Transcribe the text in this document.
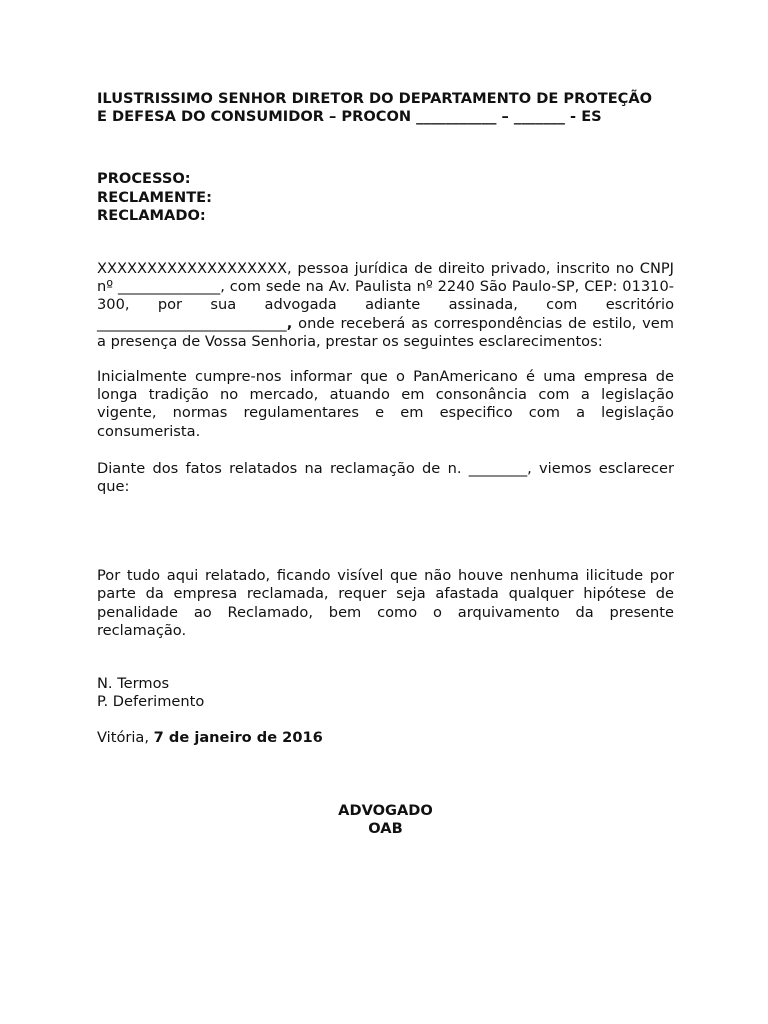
ILUSTRISSIMO SENHOR DIRETOR DO DEPARTAMENTO DE PROTEÇÃO
E DEFESA DO CONSUMIDOR – PROCON ___________ – _______ - ES
PROCESSO:
RECLAMENTE:
RECLAMADO:

XXXXXXXXXXXXXXXXXXX, pessoa jurídica de direito privado, inscrito no CNPJ nº ______________, com sede na Av. Paulista nº 2240 São Paulo-SP, CEP: 01310-300, por sua advogada adiante assinada, com escritório __________________________, onde receberá as correspondências de estilo, vem a presença de Vossa Senhoria, prestar os seguintes esclarecimentos:

Inicialmente cumpre-nos informar que o PanAmericano é uma empresa de longa tradição no mercado, atuando em consonância com a legislação vigente, normas regulamentares e em especifico com a legislação consumerista.

Diante dos fatos relatados na reclamação de n. ________, viemos esclarecer que:

Por tudo aqui relatado, ficando visível que não houve nenhuma ilicitude por parte da empresa reclamada, requer seja afastada qualquer hipótese de penalidade ao Reclamado, bem como o arquivamento da presente reclamação.

N. Termos
P. Deferimento
Vitória, 7 de janeiro de 2016
ADVOGADO
OAB
